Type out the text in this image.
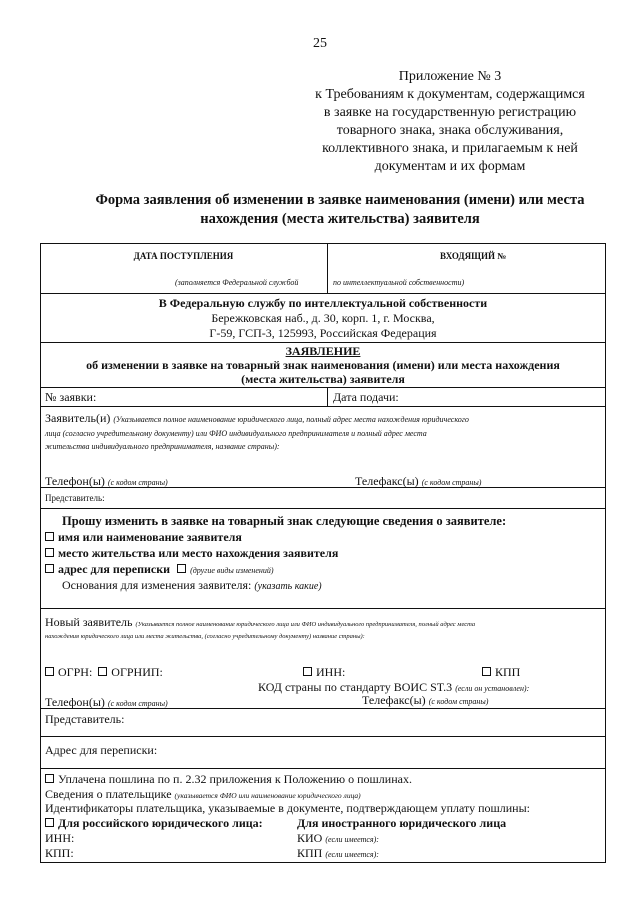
25
Приложение № 3
к Требованиям к документам, содержащимся
в заявке на государственную регистрацию
товарного знака, знака обслуживания,
коллективного знака, и прилагаемым к ней
документам и их формам
Форма заявления об изменении в заявке наименования (имени) или места
нахождения (места жительства) заявителя
ДАТА ПОСТУПЛЕНИЯ	ВХОДЯЩИЙ №
(заполняется Федеральной службой	по интеллектуальной собственности)
В Федеральную службу по интеллектуальной собственности
Бережковская наб., д. 30, корп. 1, г. Москва,
Г-59, ГСП-3, 125993, Российская Федерация
ЗАЯВЛЕНИЕ
об изменении в заявке на товарный знак наименования (имени) или места нахождения
(места жительства) заявителя
№ заявки:	Дата подачи:
Заявитель(и) (Указывается полное наименование юридического лица, полный адрес места нахождения юридического
лица (согласно учредительному документу) или ФИО индивидуального предпринимателя и полный адрес места
жительства индивидуального предпринимателя, название страны):
Телефон(ы) (с кодом страны)	Телефакс(ы) (с кодом страны)
Представитель:
Прошу изменить в заявке на товарный знак следующие сведения о заявителе:
имя или наименование заявителя
место жительства или место нахождения заявителя
адрес для переписки	(другие виды изменений)
Основания для изменения заявителя: (указать какие)
Новый заявитель (Указывается полное наименование юридического лица или ФИО индивидуального предпринимателя, полный адрес места
нахождения юридического лица или места жительства, (согласно учредительному документу) название страны):
ОГРН: ОГРНИП:	ИНН:	КПП
КОД страны по стандарту ВОИС ST.3 (если он установлен):
Телефон(ы) (с кодом страны)	Телефакс(ы) (с кодом страны)
Представитель:
Адрес для переписки:
Уплачена пошлина по п. 2.32 приложения к Положению о пошлинах.
Сведения о плательщике (указывается ФИО или наименование юридического лица)
Идентификаторы плательщика, указываемые в документе, подтверждающем уплату пошлины:
Для российского юридического лица:	Для иностранного юридического лица
ИНН:	КИО (если имеется):
КПП:	КПП (если имеется):
